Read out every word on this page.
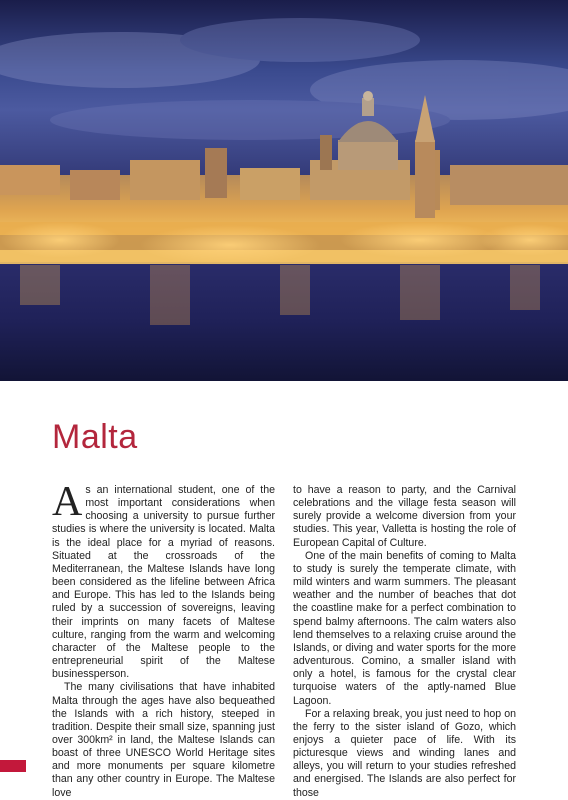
Malta

As an international student, one of the most important considerations when choosing a university to pursue further studies is where the university is located. Malta is the ideal place for a myriad of reasons. Situated at the crossroads of the Mediterranean, the Maltese Islands have long been considered as the lifeline between Africa and Europe. This has led to the Islands being ruled by a succession of sovereigns, leaving their imprints on many facets of Maltese culture, ranging from the warm and welcoming character of the Maltese people to the entrepreneurial spirit of the Maltese businessperson.

The many civilisations that have inhabited Malta through the ages have also bequeathed the Islands with a rich history, steeped in tradition. Despite their small size, spanning just over 300km² in land, the Maltese Islands can boast of three UNESCO World Heritage sites and more monuments per square kilometre than any other country in Europe. The Maltese love

to have a reason to party, and the Carnival celebrations and the village festa season will surely provide a welcome diversion from your studies. This year, Valletta is hosting the role of European Capital of Culture.

One of the main benefits of coming to Malta to study is surely the temperate climate, with mild winters and warm summers. The pleasant weather and the number of beaches that dot the coastline make for a perfect combination to spend balmy afternoons. The calm waters also lend themselves to a relaxing cruise around the Islands, or diving and water sports for the more adventurous. Comino, a smaller island with only a hotel, is famous for the crystal clear turquoise waters of the aptly-named Blue Lagoon.

For a relaxing break, you just need to hop on the ferry to the sister island of Gozo, which enjoys a quieter pace of life. With its picturesque views and winding lanes and alleys, you will return to your studies refreshed and energised. The Islands are also perfect for those
